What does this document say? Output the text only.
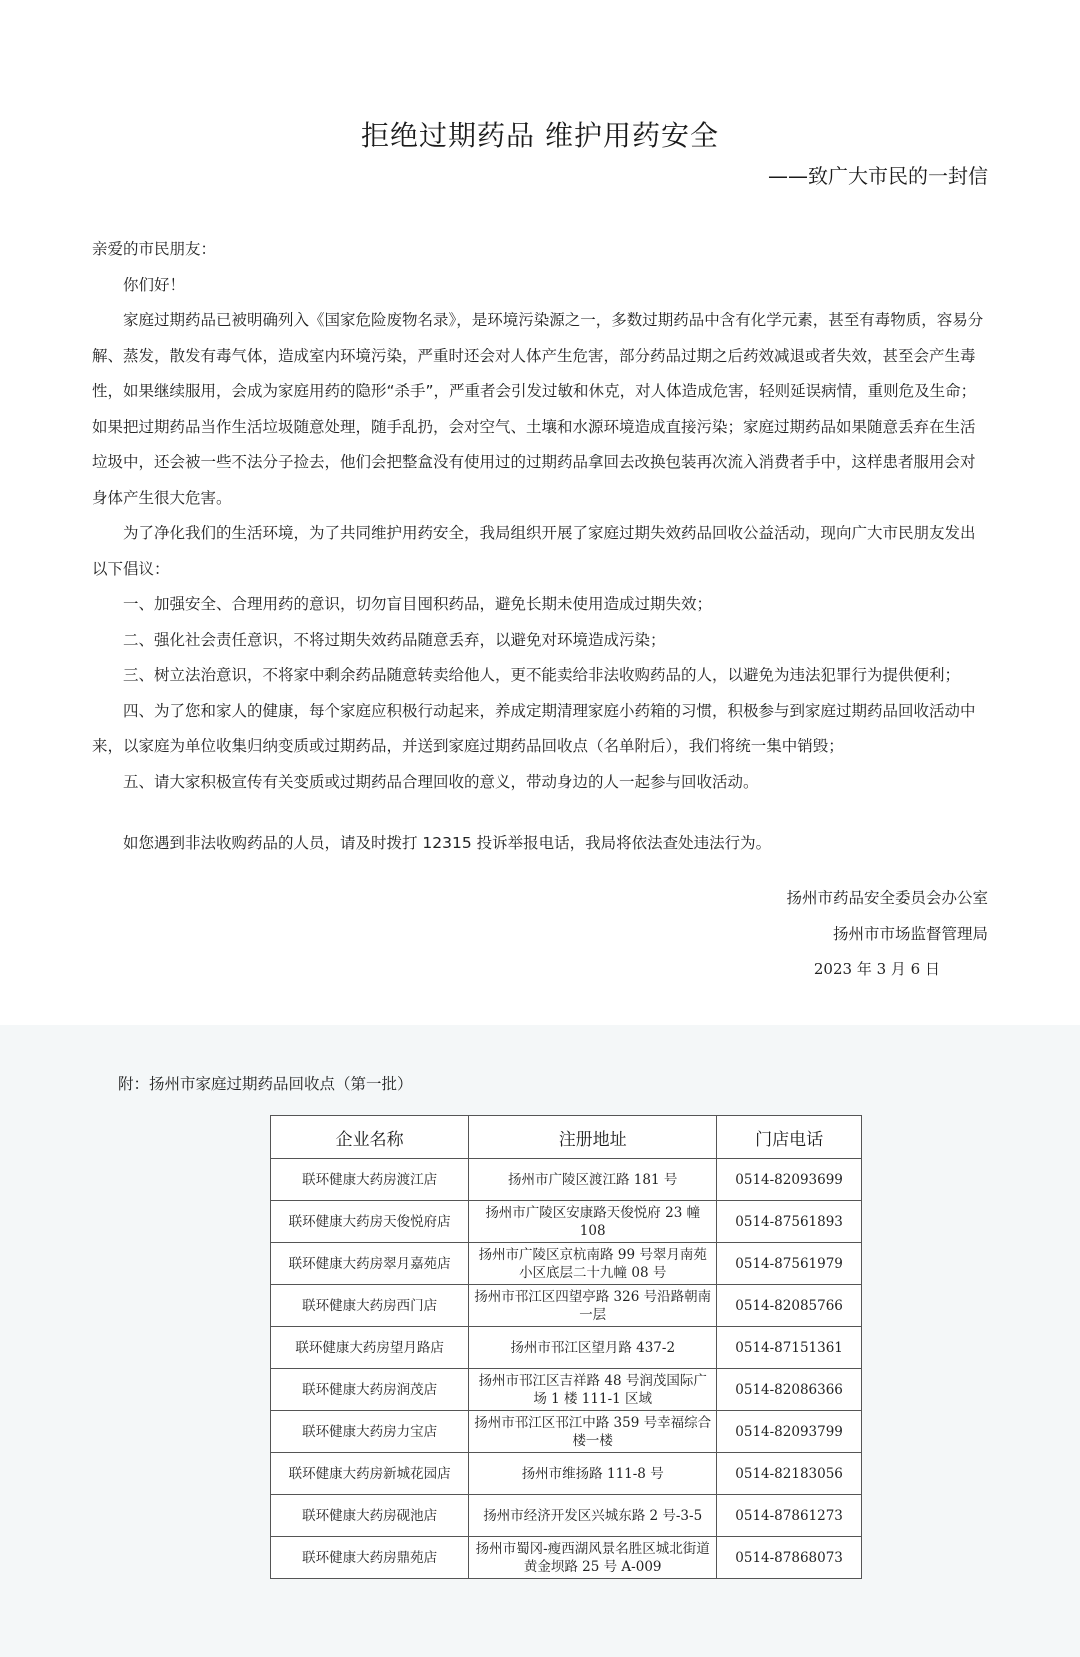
拒绝过期药品 维护用药安全
——致广大市民的一封信

亲爱的市民朋友：

你们好！

家庭过期药品已被明确列入《国家危险废物名录》，是环境污染源之一，多数过期药品中含有化学元素，甚至有毒物质，容易分解、蒸发，散发有毒气体，造成室内环境污染，严重时还会对人体产生危害，部分药品过期之后药效减退或者失效，甚至会产生毒性，如果继续服用，会成为家庭用药的隐形“杀手”，严重者会引发过敏和休克，对人体造成危害，轻则延误病情，重则危及生命；如果把过期药品当作生活垃圾随意处理，随手乱扔，会对空气、土壤和水源环境造成直接污染；家庭过期药品如果随意丢弃在生活垃圾中，还会被一些不法分子捡去，他们会把整盒没有使用过的过期药品拿回去改换包装再次流入消费者手中，这样患者服用会对身体产生很大危害。

为了净化我们的生活环境，为了共同维护用药安全，我局组织开展了家庭过期失效药品回收公益活动，现向广大市民朋友发出以下倡议：

一、加强安全、合理用药的意识，切勿盲目囤积药品，避免长期未使用造成过期失效；

二、强化社会责任意识，不将过期失效药品随意丢弃，以避免对环境造成污染；

三、树立法治意识，不将家中剩余药品随意转卖给他人，更不能卖给非法收购药品的人，以避免为违法犯罪行为提供便利；

四、为了您和家人的健康，每个家庭应积极行动起来，养成定期清理家庭小药箱的习惯，积极参与到家庭过期药品回收活动中来，以家庭为单位收集归纳变质或过期药品，并送到家庭过期药品回收点（名单附后），我们将统一集中销毁；

五、请大家积极宣传有关变质或过期药品合理回收的意义，带动身边的人一起参与回收活动。

如您遇到非法收购药品的人员，请及时拨打 12315 投诉举报电话，我局将依法查处违法行为。

扬州市药品安全委员会办公室
扬州市市场监督管理局
2023 年 3 月 6 日
附：扬州市家庭过期药品回收点（第一批）
企业名称	注册地址	门店电话
联环健康大药房渡江店	扬州市广陵区渡江路 181 号	0514-82093699
联环健康大药房天俊悦府店	扬州市广陵区安康路天俊悦府 23 幢 108	0514-87561893
联环健康大药房翠月嘉苑店	扬州市广陵区京杭南路 99 号翠月南苑小区底层二十九幢 08 号	0514-87561979
联环健康大药房西门店	扬州市邗江区四望亭路 326 号沿路朝南一层	0514-82085766
联环健康大药房望月路店	扬州市邗江区望月路 437-2	0514-87151361
联环健康大药房润茂店	扬州市邗江区吉祥路 48 号润茂国际广场 1 楼 111-1 区域	0514-82086366
联环健康大药房力宝店	扬州市邗江区邗江中路 359 号幸福综合楼一楼	0514-82093799
联环健康大药房新城花园店	扬州市维扬路 111-8 号	0514-82183056
联环健康大药房砚池店	扬州市经济开发区兴城东路 2 号-3-5	0514-87861273
联环健康大药房鼎苑店	扬州市蜀冈-瘦西湖风景名胜区城北街道黄金坝路 25 号 A-009	0514-87868073
